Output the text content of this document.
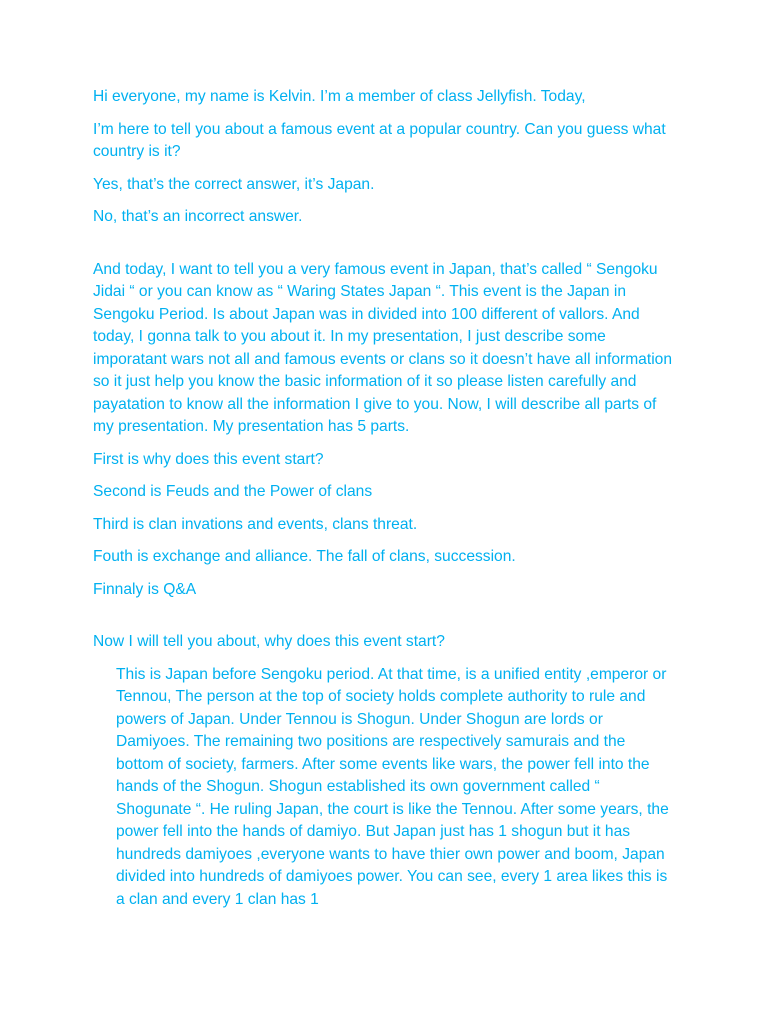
Hi everyone, my name is Kelvin. I’m a member of class Jellyfish. Today,

I’m here to tell you about a famous event at a popular country. Can you guess what country is it?

Yes, that’s the correct answer, it’s Japan.

No, that’s an incorrect answer.

And today, I want to tell you a very famous event in Japan, that’s called “ Sengoku Jidai “ or you can know as “ Waring States Japan “. This event is the Japan in Sengoku Period. Is about Japan was in divided into 100 different of vallors. And today, I gonna talk to you about it. In my presentation, I just describe some imporatant wars not all and famous events or clans so it doesn’t have all information so it just help you know the basic information of it so please listen carefully and payatation to know all the information I give to you. Now, I will describe all parts of my presentation. My presentation has 5 parts.

First is why does this event start?

Second is Feuds and the Power of clans

Third is clan invations and events, clans threat.

Fouth is exchange and alliance. The fall of clans, succession.

Finnaly is Q&A

Now I will tell you about, why does this event start?

This is Japan before Sengoku period. At that time, is a unified entity ,emperor or Tennou, The person at the top of society holds complete authority to rule and powers of Japan. Under Tennou is Shogun. Under Shogun are lords or Damiyoes. The remaining two positions are respectively samurais and the bottom of society, farmers. After some events like wars, the power fell into the hands of the Shogun. Shogun established its own government called “ Shogunate “. He ruling Japan, the court is like the Tennou. After some years, the power fell into the hands of damiyo. But Japan just has 1 shogun but it has hundreds damiyoes ,everyone wants to have thier own power and boom, Japan divided into hundreds of damiyoes power. You can see, every 1 area likes this is a clan and every 1 clan has 1
